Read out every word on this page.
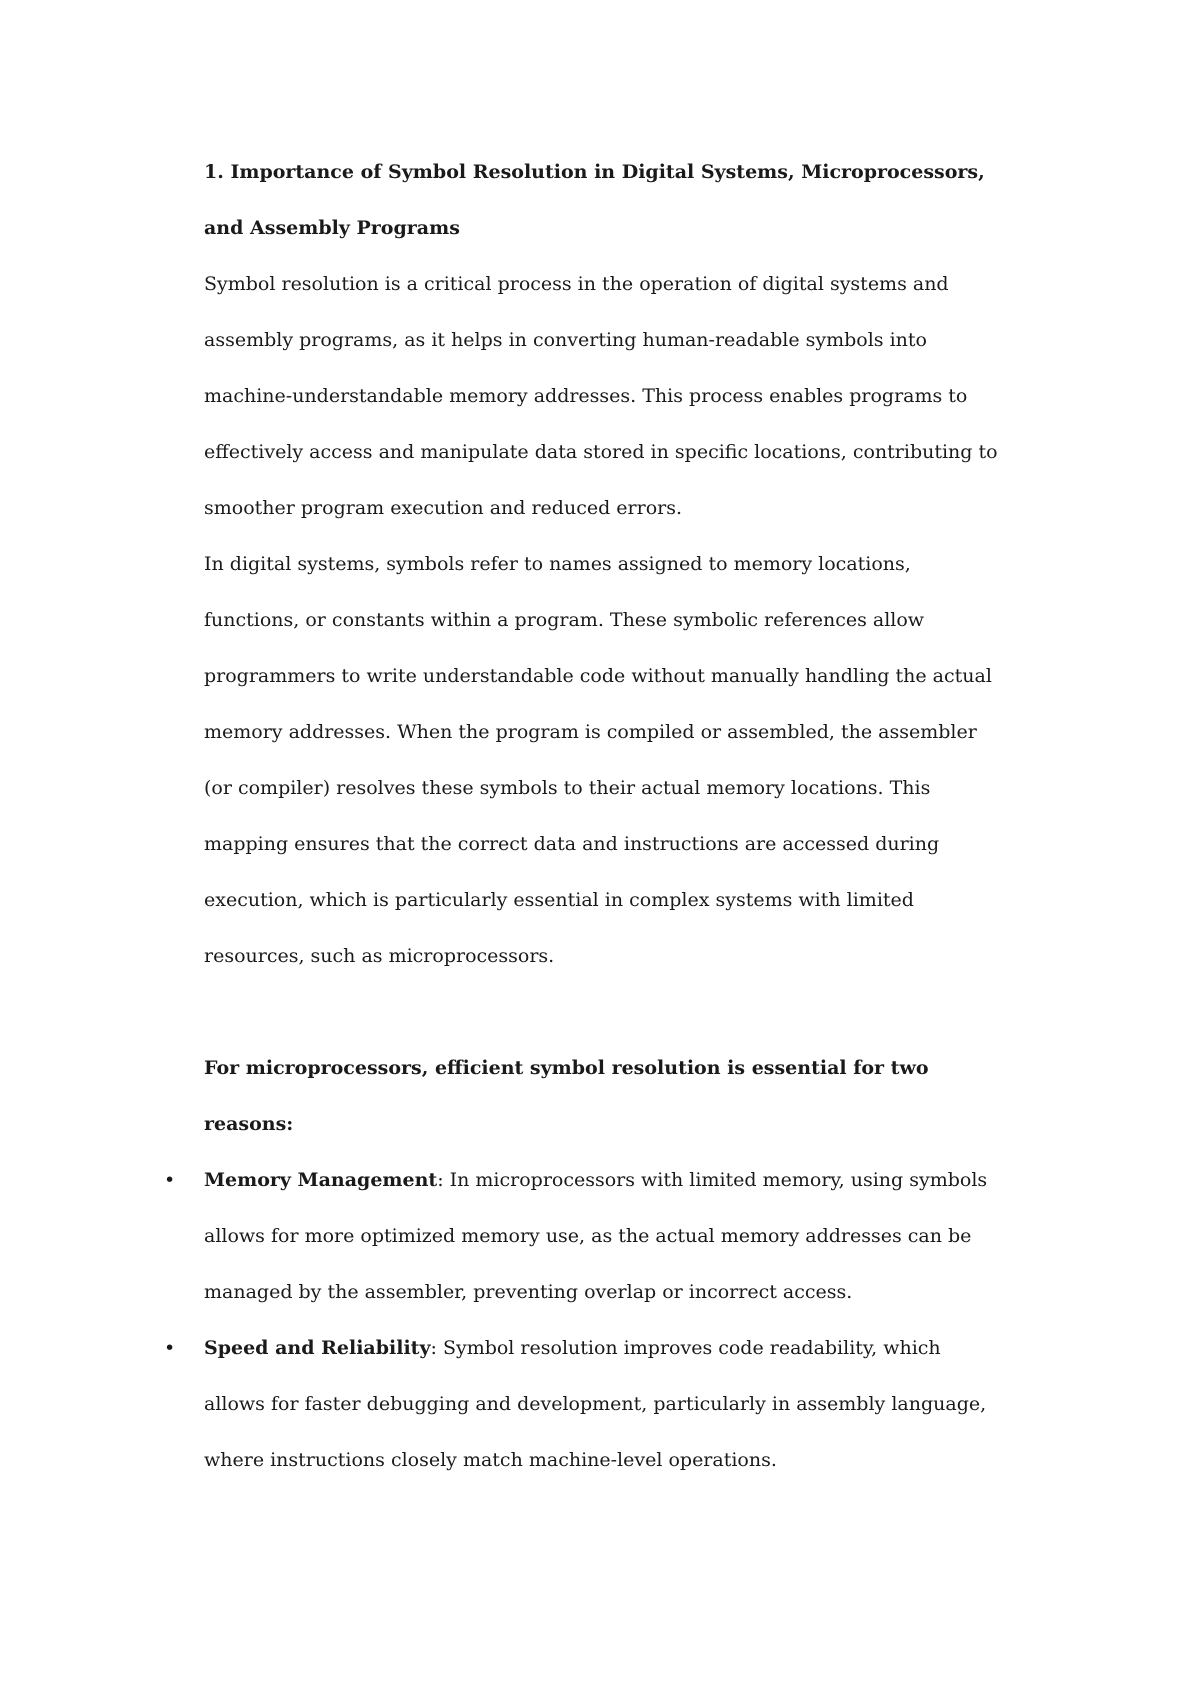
1. Importance of Symbol Resolution in Digital Systems, Microprocessors, and Assembly Programs

Symbol resolution is a critical process in the operation of digital systems and assembly programs, as it helps in converting human-readable symbols into machine-understandable memory addresses. This process enables programs to effectively access and manipulate data stored in specific locations, contributing to smoother program execution and reduced errors.

In digital systems, symbols refer to names assigned to memory locations, functions, or constants within a program. These symbolic references allow programmers to write understandable code without manually handling the actual memory addresses. When the program is compiled or assembled, the assembler (or compiler) resolves these symbols to their actual memory locations. This mapping ensures that the correct data and instructions are accessed during execution, which is particularly essential in complex systems with limited resources, such as microprocessors.

For microprocessors, efficient symbol resolution is essential for two reasons:

• Memory Management: In microprocessors with limited memory, using symbols allows for more optimized memory use, as the actual memory addresses can be managed by the assembler, preventing overlap or incorrect access.
• Speed and Reliability: Symbol resolution improves code readability, which allows for faster debugging and development, particularly in assembly language, where instructions closely match machine-level operations.
